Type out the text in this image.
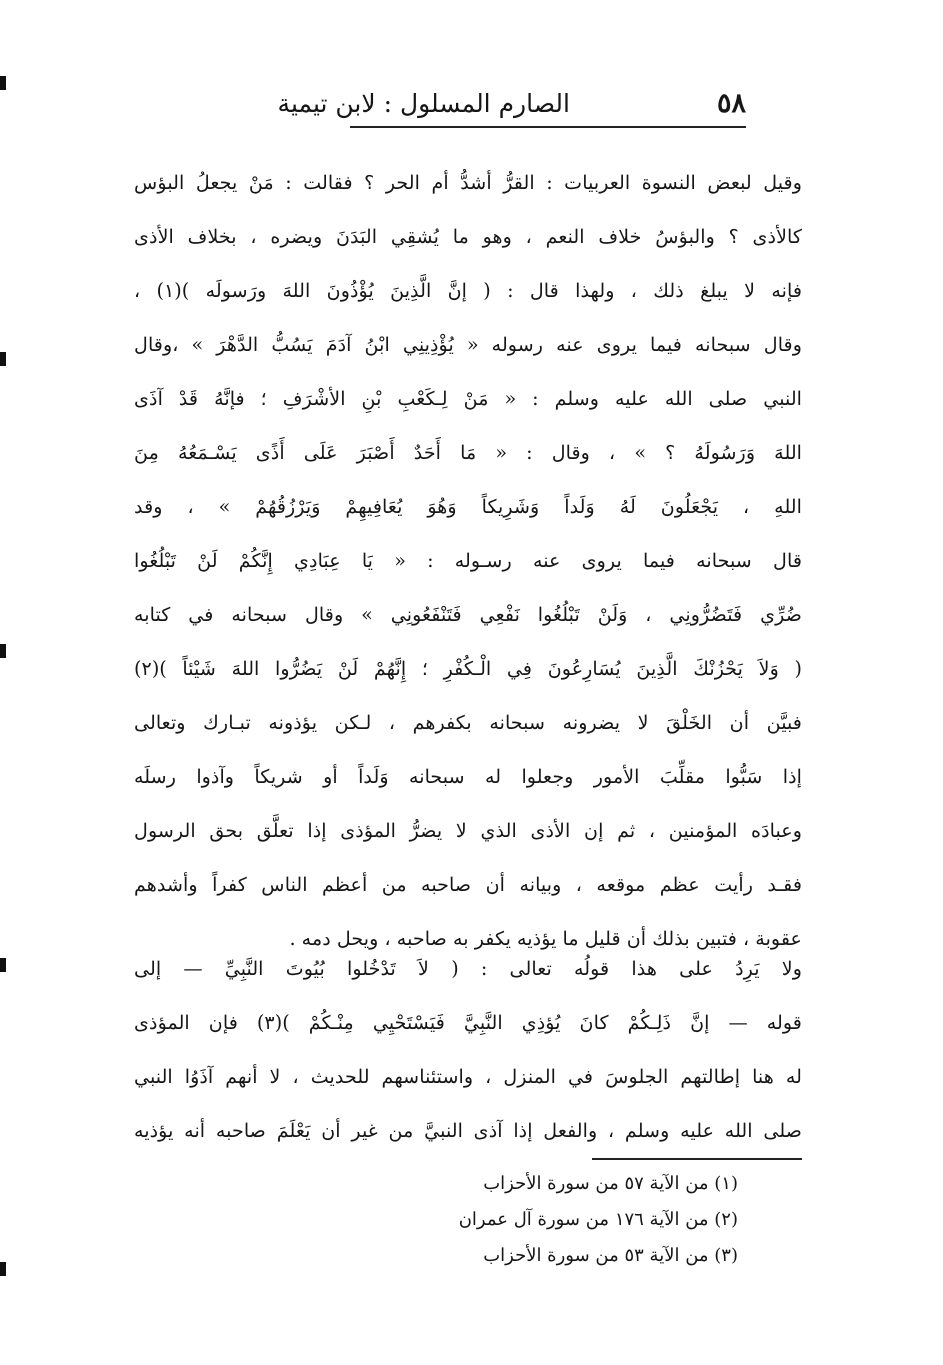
٥٨
الصارم المسلول : لابن تيمية
وقيل لبعض النسوة العربيات : القرُّ أشدُّ أم الحر ؟ فقالت : مَنْ يجعلُ البؤس
كالأذى ؟ والبؤسُ خلاف النعم ، وهو ما يُشقِي البَدَنَ ويضره ، بخلاف الأذى
فإنه لا يبلغ ذلك ، ولهذا قال : ( إنَّ الَّذِينَ يُؤْذُونَ اللهَ ورَسولَه )(١) ،
وقال سبحانه فيما يروى عنه رسوله « يُؤْذِينِي ابْنُ آدَمَ يَسُبُّ الدَّهْرَ » ،وقال
النبي صلى الله عليه وسلم : « مَنْ لِـكَعْبِ بْنِ الأشْرَفِ ؛ فإنَّهُ قَدْ آذَى
اللهَ وَرَسُولَهُ ؟ » ، وقال : « مَا أَحَدٌ أَصْبَرَ عَلَى أَذًى يَسْـمَعُهُ مِنَ
اللهِ ، يَجْعَلُونَ لَهُ وَلَداً وَشَرِيكاً وَهُوَ يُعَافِيهِمْ وَيَرْزُقُهُمْ » ، وقد
قال سبحانه فيما يروى عنه رسـوله : « يَا عِبَادِي إِنَّكُمْ لَنْ تَبْلُغُوا
ضُرِّي فَتَضُرُّونِي ، وَلَنْ تَبْلُغُوا نَفْعِي فَتَنْفَعُونِي » وقال سبحانه في كتابه
( وَلاَ يَحْزُنْكَ الَّذِينَ يُسَارِعُونَ فِي الْـكُفْرِ ؛ إِنَّهُمْ لَنْ يَضُرُّوا اللهَ شَيْئاً )(٢)
فبيَّن أن الخَلْقَ لا يضرونه سبحانه بكفرهم ، لـكن يؤذونه تبـارك وتعالى
إذا سَبُّوا مقلِّبَ الأمور وجعلوا له سبحانه وَلَداً أو شريكاً وآذوا رسلَه
وعبادَه المؤمنين ، ثم إن الأذى الذي لا يضرُّ المؤذى إذا تعلَّق بحق الرسول
فقـد رأيت عظم موقعه ، وبيانه أن صاحبه من أعظم الناس كفراً وأشدهم
عقوبة ، فتبين بذلك أن قليل ما يؤذيه يكفر به صاحبه ، ويحل دمه .
ولا يَرِدُ على هذا قولُه تعالى : ( لاَ تَدْخُلوا بُيُوتَ النَّبِيِّ — إلى
قوله — إنَّ ذَلِـكُمْ كانَ يُؤذِي النَّبِيَّ فَيَسْتَحْيِي مِنْـكُمْ )(٣) فإن المؤذى
له هنا إطالتهم الجلوسَ في المنزل ، واستئناسهم للحديث ، لا أنهم آذَوُا النبي
صلى الله عليه وسلم ، والفعل إذا آذى النبيَّ من غير أن يَعْلَمَ صاحبه أنه يؤذيه
(١) من الآية ٥٧ من سورة الأحزاب
(٢) من الآية ١٧٦ من سورة آل عمران
(٣) من الآية ٥٣ من سورة الأحزاب
